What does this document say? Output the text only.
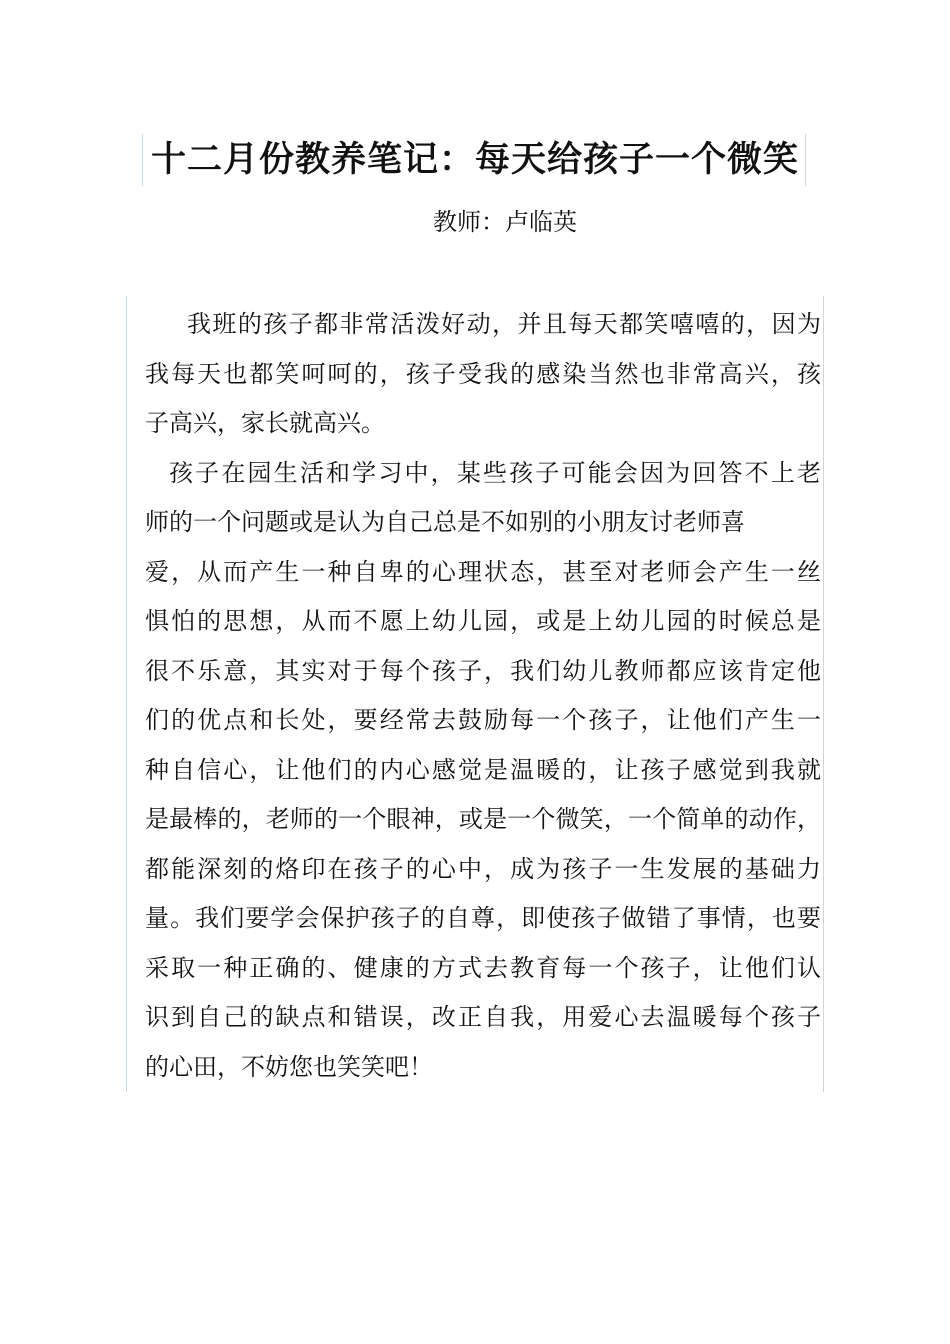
十二月份教养笔记：每天给孩子一个微笑
教师：卢临英
我班的孩子都非常活泼好动，并且每天都笑嘻嘻的，因为
我每天也都笑呵呵的，孩子受我的感染当然也非常高兴，孩
子高兴，家长就高兴。
孩子在园生活和学习中，某些孩子可能会因为回答不上老
师的一个问题或是认为自己总是不如别的小朋友讨老师喜
爱，从而产生一种自卑的心理状态，甚至对老师会产生一丝
惧怕的思想，从而不愿上幼儿园，或是上幼儿园的时候总是
很不乐意，其实对于每个孩子，我们幼儿教师都应该肯定他
们的优点和长处，要经常去鼓励每一个孩子，让他们产生一
种自信心，让他们的内心感觉是温暖的，让孩子感觉到我就
是最棒的，老师的一个眼神，或是一个微笑，一个简单的动作，
都能深刻的烙印在孩子的心中，成为孩子一生发展的基础力
量。我们要学会保护孩子的自尊，即使孩子做错了事情，也要
采取一种正确的、健康的方式去教育每一个孩子，让他们认
识到自己的缺点和错误，改正自我，用爱心去温暖每个孩子
的心田，不妨您也笑笑吧！
